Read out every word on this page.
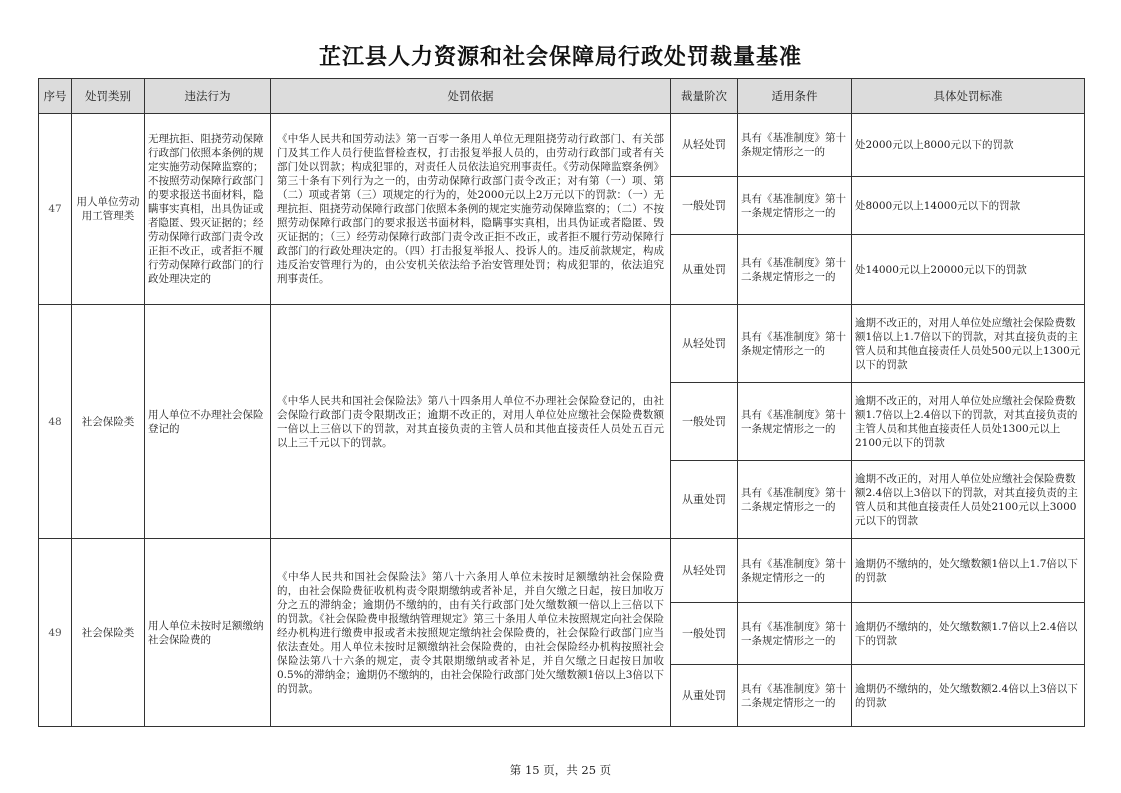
芷江县人力资源和社会保障局行政处罚裁量基准
序号	处罚类别	违法行为	处罚依据	裁量阶次	适用条件	具体处罚标准
47	用人单位劳动用工管理类	无理抗拒、阻挠劳动保障行政部门依照本条例的规定实施劳动保障监察的；不按照劳动保障行政部门的要求报送书面材料，隐瞒事实真相，出具伪证或者隐匿、毁灭证据的；经劳动保障行政部门责令改正拒不改正，或者拒不履行劳动保障行政部门的行政处理决定的	《中华人民共和国劳动法》第一百零一条用人单位无理阻挠劳动行政部门、有关部门及其工作人员行使监督检查权，打击报复举报人员的，由劳动行政部门或者有关部门处以罚款；构成犯罪的，对责任人员依法追究刑事责任。《劳动保障监察条例》第三十条有下列行为之一的，由劳动保障行政部门责令改正；对有第（一）项、第（二）项或者第（三）项规定的行为的，处2000元以上2万元以下的罚款：（一）无理抗拒、阻挠劳动保障行政部门依照本条例的规定实施劳动保障监察的；（二）不按照劳动保障行政部门的要求报送书面材料，隐瞒事实真相，出具伪证或者隐匿、毁灭证据的；（三）经劳动保障行政部门责令改正拒不改正，或者拒不履行劳动保障行政部门的行政处理决定的。（四）打击报复举报人、投诉人的。违反前款规定，构成违反治安管理行为的，由公安机关依法给予治安管理处罚；构成犯罪的，依法追究刑事责任。	从轻处罚	具有《基准制度》第十条规定情形之一的	处2000元以上8000元以下的罚款
				一般处罚	具有《基准制度》第十一条规定情形之一的	处8000元以上14000元以下的罚款
				从重处罚	具有《基准制度》第十二条规定情形之一的	处14000元以上20000元以下的罚款
48	社会保险类	用人单位不办理社会保险登记的	《中华人民共和国社会保险法》第八十四条用人单位不办理社会保险登记的，由社会保险行政部门责令限期改正；逾期不改正的，对用人单位处应缴社会保险费数额一倍以上三倍以下的罚款，对其直接负责的主管人员和其他直接责任人员处五百元以上三千元以下的罚款。	从轻处罚	具有《基准制度》第十条规定情形之一的	逾期不改正的，对用人单位处应缴社会保险费数额1倍以上1.7倍以下的罚款，对其直接负责的主管人员和其他直接责任人员处500元以上1300元以下的罚款
				一般处罚	具有《基准制度》第十一条规定情形之一的	逾期不改正的，对用人单位处应缴社会保险费数额1.7倍以上2.4倍以下的罚款，对其直接负责的主管人员和其他直接责任人员处1300元以上2100元以下的罚款
				从重处罚	具有《基准制度》第十二条规定情形之一的	逾期不改正的，对用人单位处应缴社会保险费数额2.4倍以上3倍以下的罚款，对其直接负责的主管人员和其他直接责任人员处2100元以上3000元以下的罚款
49	社会保险类	用人单位未按时足额缴纳社会保险费的	《中华人民共和国社会保险法》第八十六条用人单位未按时足额缴纳社会保险费的，由社会保险费征收机构责令限期缴纳或者补足，并自欠缴之日起，按日加收万分之五的滞纳金；逾期仍不缴纳的，由有关行政部门处欠缴数额一倍以上三倍以下的罚款。《社会保险费申报缴纳管理规定》第三十条用人单位未按照规定向社会保险经办机构进行缴费申报或者未按照规定缴纳社会保险费的，社会保险行政部门应当依法查处。用人单位未按时足额缴纳社会保险费的，由社会保险经办机构按照社会保险法第八十六条的规定，责令其限期缴纳或者补足，并自欠缴之日起按日加收0.5%的滞纳金；逾期仍不缴纳的，由社会保险行政部门处欠缴数额1倍以上3倍以下的罚款。	从轻处罚	具有《基准制度》第十条规定情形之一的	逾期仍不缴纳的，处欠缴数额1倍以上1.7倍以下的罚款
				一般处罚	具有《基准制度》第十一条规定情形之一的	逾期仍不缴纳的，处欠缴数额1.7倍以上2.4倍以下的罚款
				从重处罚	具有《基准制度》第十二条规定情形之一的	逾期仍不缴纳的，处欠缴数额2.4倍以上3倍以下的罚款
第 15 页，共 25 页
